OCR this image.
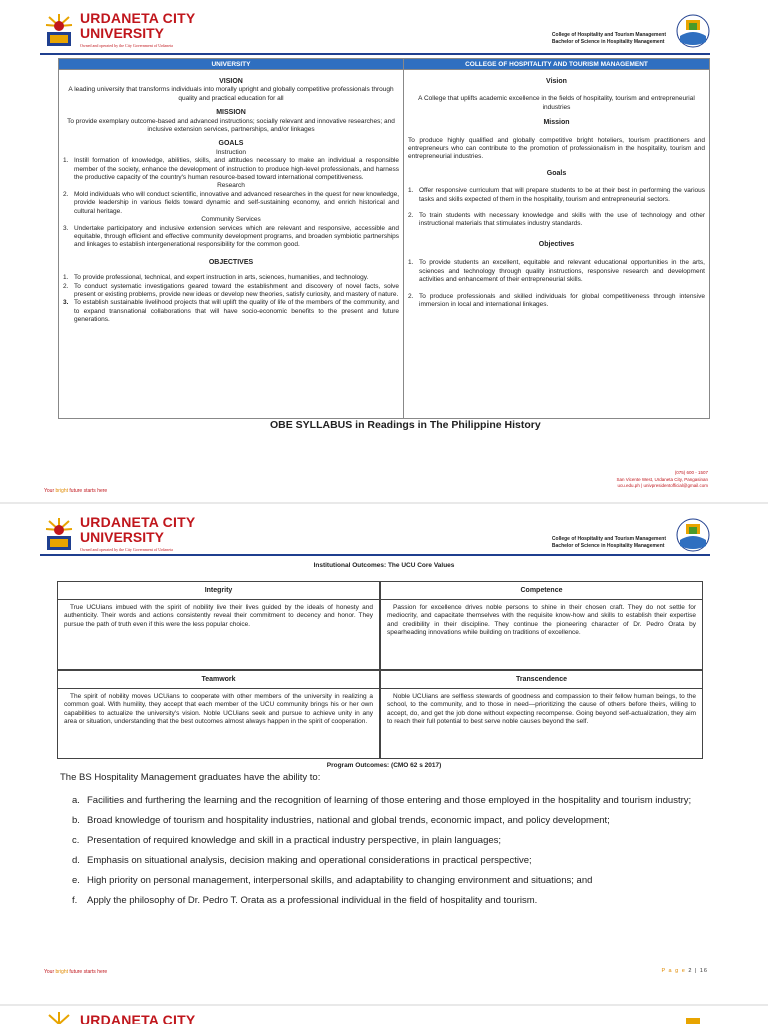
URDANETA CITY
UNIVERSITY
Owned and operated by the City Government of Urdaneta
College of Hospitality and Tourism Management
Bachelor of Science in Hospitality Management
UNIVERSITY
VISION
A leading university that transforms individuals into morally upright and globally competitive professionals through quality and practical education for all
MISSION
To provide exemplary outcome-based and advanced instructions; socially relevant and innovative researches; and inclusive extension services, partnerships, and/or linkages
GOALS
Instruction
1. Instill formation of knowledge, abilities, skills, and attitudes necessary to make an individual a responsible member of the society, enhance the development of instruction to produce high-level professionals, and harness the productive capacity of the country's human resource-based toward international competitiveness.
Research
2. Mold individuals who will conduct scientific, innovative and advanced researches in the quest for new knowledge, provide leadership in various fields toward dynamic and self-sustaining economy, and enrich historical and cultural heritage.
Community Services
3. Undertake participatory and inclusive extension services which are relevant and responsive, accessible and equitable, through efficient and effective community development programs, and broaden symbiotic partnerships and linkages to establish intergenerational responsibility for the common good.
OBJECTIVES
1. To provide professional, technical, and expert instruction in arts, sciences, humanities, and technology.
2. To conduct systematic investigations geared toward the establishment and discovery of novel facts, solve present or existing problems, provide new ideas or develop new theories, satisfy curiosity, and mastery of nature.
3. To establish sustainable livelihood projects that will uplift the quality of life of the members of the community, and to expand transnational collaborations that will have socio-economic benefits to the present and future generations.
COLLEGE OF HOSPITALITY AND TOURISM MANAGEMENT
Vision
A College that uplifts academic excellence in the fields of hospitality, tourism and entrepreneurial industries
Mission
To produce highly qualified and globally competitive bright hoteliers, tourism practitioners and entrepreneurs who can contribute to the promotion of professionalism in the hospitality, tourism and entrepreneurial industries.
Goals
1. Offer responsive curriculum that will prepare students to be at their best in performing the various tasks and skills expected of them in the hospitality, tourism and entrepreneurial sectors.
2. To train students with necessary knowledge and skills with the use of technology and other instructional materials that stimulates industry standards.
Objectives
1. To provide students an excellent, equitable and relevant educational opportunities in the arts, sciences and technology through quality instructions, responsive research and development activities and enhancement of their entrepreneurial skills.
2. To produce professionals and skilled individuals for global competitiveness through intensive immersion in local and international linkages.
OBE SYLLABUS in Readings in The Philippine History
(075) 600 - 1507
San Vicente West, Urdaneta City, Pangasinan
ucu.edu.ph | univpresidentofficial@gmail.com
Your bright future starts here
URDANETA CITY
UNIVERSITY
Owned and operated by the City Government of Urdaneta
College of Hospitality and Tourism Management
Bachelor of Science in Hospitality Management
Institutional Outcomes: The UCU Core Values
Integrity
True UCUians imbued with the spirit of nobility live their lives guided by the ideals of honesty and authenticity. Their words and actions consistently reveal their commitment to decency and honor. They pursue the path of truth even if this were the less popular choice.
Competence
Passion for excellence drives noble persons to shine in their chosen craft. They do not settle for mediocrity, and capacitate themselves with the requisite know-how and skills to establish their expertise and credibility in their discipline. They continue the pioneering character of Dr. Pedro Orata by spearheading innovations while building on traditions of excellence.
Teamwork
The spirit of nobility moves UCUians to cooperate with other members of the university in realizing a common goal. With humility, they accept that each member of the UCU community brings his or her own capabilities to actualize the university's vision. Noble UCUians seek and pursue to achieve unity in any area or situation, understanding that the best outcomes almost always happen in the spirit of cooperation.
Transcendence
Noble UCUians are selfless stewards of goodness and compassion to their fellow human beings, to the school, to the community, and to those in need—prioritizing the cause of others before theirs, willing to accept, do, and get the job done without expecting recompense. Going beyond self-actualization, they aim to reach their full potential to best serve noble causes beyond the self.
Program Outcomes: (CMO 62 s 2017)
The BS Hospitality Management graduates have the ability to:
a. Facilities and furthering the learning and the recognition of learning of those entering and those employed in the hospitality and tourism industry;
b. Broad knowledge of tourism and hospitality industries, national and global trends, economic impact, and policy development;
c. Presentation of required knowledge and skill in a practical industry perspective, in plain languages;
d. Emphasis on situational analysis, decision making and operational considerations in practical perspective;
e. High priority on personal management, interpersonal skills, and adaptability to changing environment and situations; and
f. Apply the philosophy of Dr. Pedro T. Orata as a professional individual in the field of hospitality and tourism.
Your bright future starts here	P a g e 2 | 16
URDANETA CITY
